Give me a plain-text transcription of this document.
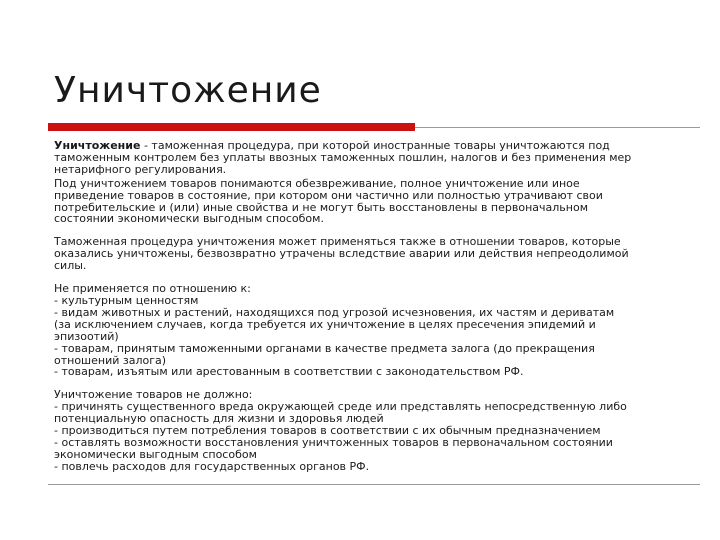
Уничтожение

Уничтожение - таможенная процедура, при которой иностранные товары уничтожаются под

таможенным контролем без уплаты ввозных таможенных пошлин, налогов и без применения мер

нетарифного регулирования.

Под уничтожением товаров понимаются обезвреживание, полное уничтожение или иное

приведение товаров в состояние, при котором они частично или полностью утрачивают свои

потребительские и (или) иные свойства и не могут быть восстановлены в первоначальном

состоянии экономически выгодным способом.

Таможенная процедура уничтожения может применяться также в отношении товаров, которые

оказались уничтожены, безвозвратно утрачены вследствие аварии или действия непреодолимой

силы.

Не применяется по отношению к:

- культурным ценностям

- видам животных и растений, находящихся под угрозой исчезновения, их частям и дериватам

(за исключением случаев, когда требуется их уничтожение в целях пресечения эпидемий и

эпизоотий)

- товарам, принятым таможенными органами в качестве предмета залога (до прекращения

отношений залога)

- товарам, изъятым или арестованным в соответствии с законодательством РФ.

Уничтожение товаров не должно:

- причинять существенного вреда окружающей среде или представлять непосредственную либо

потенциальную опасность для жизни и здоровья людей

- производиться путем потребления товаров в соответствии с их обычным предназначением

- оставлять возможности восстановления уничтоженных товаров в первоначальном состоянии

экономически выгодным способом

- повлечь расходов для государственных органов РФ.
